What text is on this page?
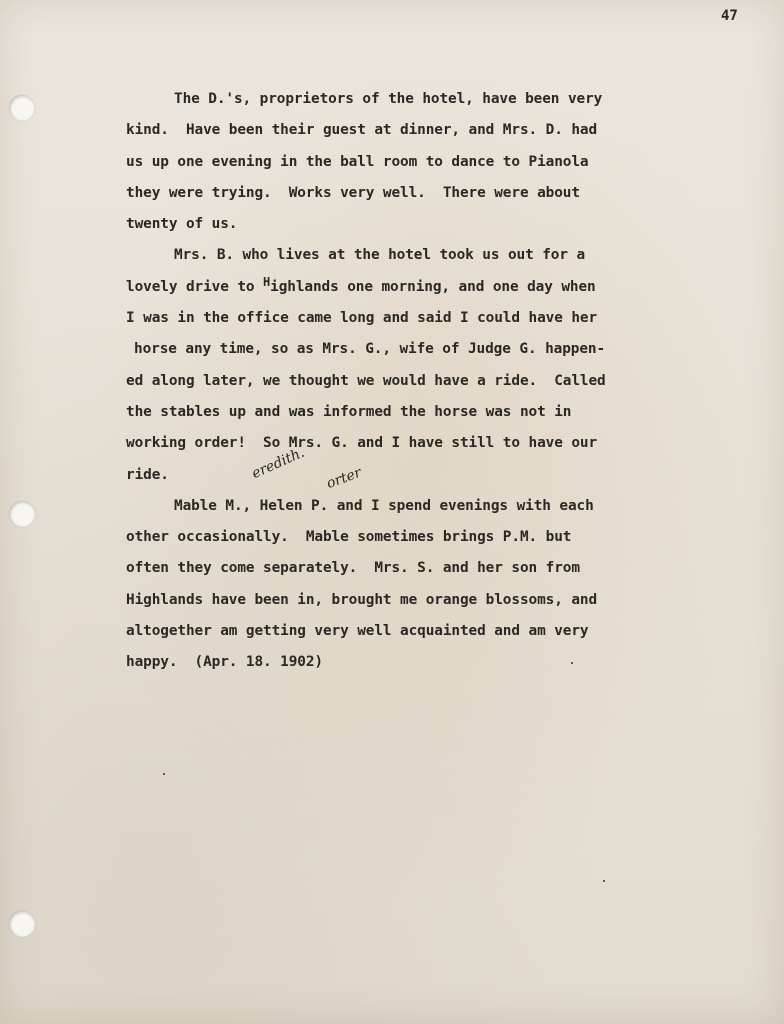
47
The D.'s, proprietors of the hotel, have been very
kind.  Have been their guest at dinner, and Mrs. D. had
us up one evening in the ball room to dance to Pianola
they were trying.  Works very well.  There were about
twenty of us.
Mrs. B. who lives at the hotel took us out for a
lovely drive to $^H$ighlands one morning, and one day when
I was in the office came long and said I could have her
horse any time, so as Mrs. G., wife of Judge G. happen-
ed along later, we thought we would have a ride.  Called
the stables up and was informed the horse was not in
working order!  So Mrs. G. and I have still to have our
ride.
Mable M., Helen P. and I spend evenings with each
other occasionally.  Mable sometimes brings P.M. but
often they come separately.  Mrs. S. and her son from
Highlands have been in, brought me orange blossoms, and
altogether am getting very well acquainted and am very
happy.  (Apr. 18. 1902)
eredith. orter
